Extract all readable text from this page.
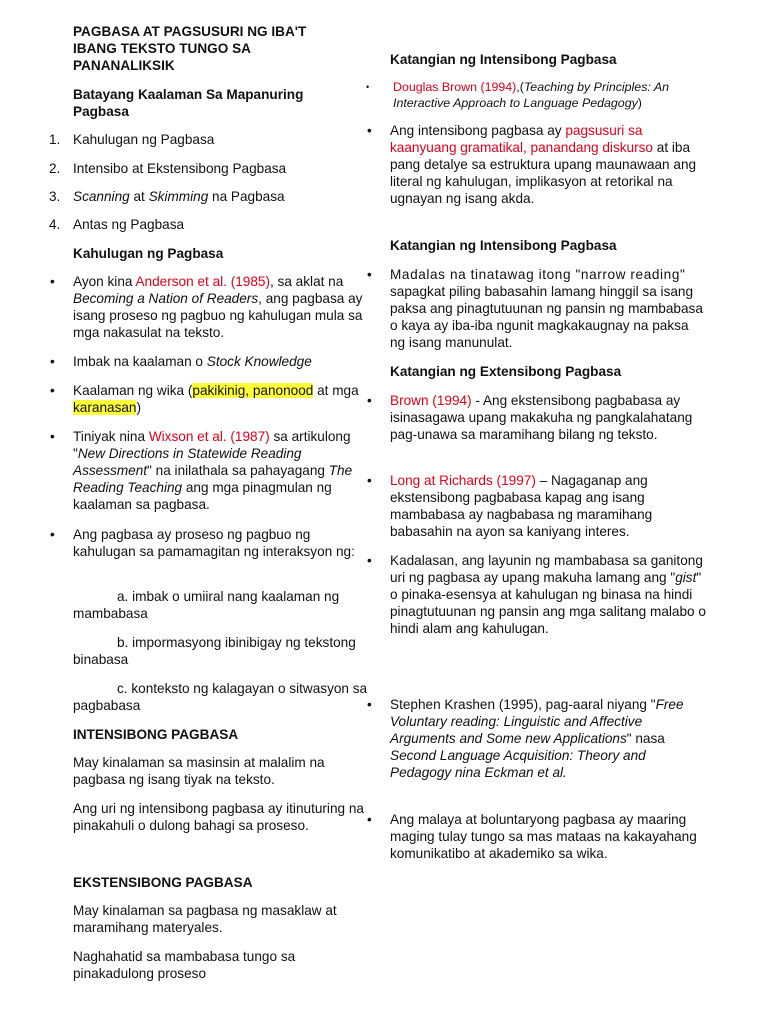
PAGBASA AT PAGSUSURI NG IBA'T IBANG TEKSTO TUNGO SA PANANALIKSIK

Batayang Kaalaman Sa Mapanuring Pagbasa

1. Kahulugan ng Pagbasa
2. Intensibo at Ekstensibong Pagbasa
3. Scanning at Skimming na Pagbasa
4. Antas ng Pagbasa

Kahulugan ng Pagbasa

• Ayon kina Anderson et al. (1985), sa aklat na Becoming a Nation of Readers, ang pagbasa ay isang proseso ng pagbuo ng kahulugan mula sa mga nakasulat na teksto.
• Imbak na kaalaman o Stock Knowledge
• Kaalaman ng wika (pakikinig, panonood at mga karanasan)
• Tiniyak nina Wixson et al. (1987) sa artikulong "New Directions in Statewide Reading Assessment" na inilathala sa pahayagang The Reading Teaching ang mga pinagmulan ng kaalaman sa pagbasa.
• Ang pagbasa ay proseso ng pagbuo ng kahulugan sa pamamagitan ng interaksyon ng:

a. imbak o umiiral nang kaalaman ng mambabasa

b. impormasyong ibinibigay ng tekstong binabasa

c. konteksto ng kalagayan o sitwasyon sa pagbabasa

INTENSIBONG PAGBASA

May kinalaman sa masinsin at malalim na pagbasa ng isang tiyak na teksto.

Ang uri ng intensibong pagbasa ay itinuturing na pinakahuli o dulong bahagi sa proseso.

EKSTENSIBONG PAGBASA

May kinalaman sa pagbasa ng masaklaw at maramihang materyales.

Naghahatid sa mambabasa tungo sa pinakadulong proseso

Katangian ng Intensibong Pagbasa

• Douglas Brown (1994),(Teaching by Principles: An Interactive Approach to Language Pedagogy)
• Ang intensibong pagbasa ay pagsusuri sa kaanyuang gramatikal, panandang diskurso at iba pang detalye sa estruktura upang maunawaan ang literal ng kahulugan, implikasyon at retorikal na ugnayan ng isang akda.

Katangian ng Intensibong Pagbasa

• Madalas na tinatawag itong "narrow reading" sapagkat piling babasahin lamang hinggil sa isang paksa ang pinagtutuunan ng pansin ng mambabasa o kaya ay iba-iba ngunit magkakaugnay na paksa ng isang manunulat.

Katangian ng Extensibong Pagbasa

• Brown (1994) - Ang ekstensibong pagbabasa ay isinasagawa upang makakuha ng pangkalahatang pag-unawa sa maramihang bilang ng teksto.
• Long at Richards (1997) – Nagaganap ang ekstensibong pagbabasa kapag ang isang mambabasa ay nagbabasa ng maramihang babasahin na ayon sa kaniyang interes.
• Kadalasan, ang layunin ng mambabasa sa ganitong uri ng pagbasa ay upang makuha lamang ang "gist" o pinaka-esensya at kahulugan ng binasa na hindi pinagtutuunan ng pansin ang mga salitang malabo o hindi alam ang kahulugan.
• Stephen Krashen (1995), pag-aaral niyang "Free Voluntary reading: Linguistic and Affective Arguments and Some new Applications" nasa Second Language Acquisition: Theory and Pedagogy nina Eckman et al.
• Ang malaya at boluntaryong pagbasa ay maaring maging tulay tungo sa mas mataas na kakayahang komunikatibo at akademiko sa wika.
